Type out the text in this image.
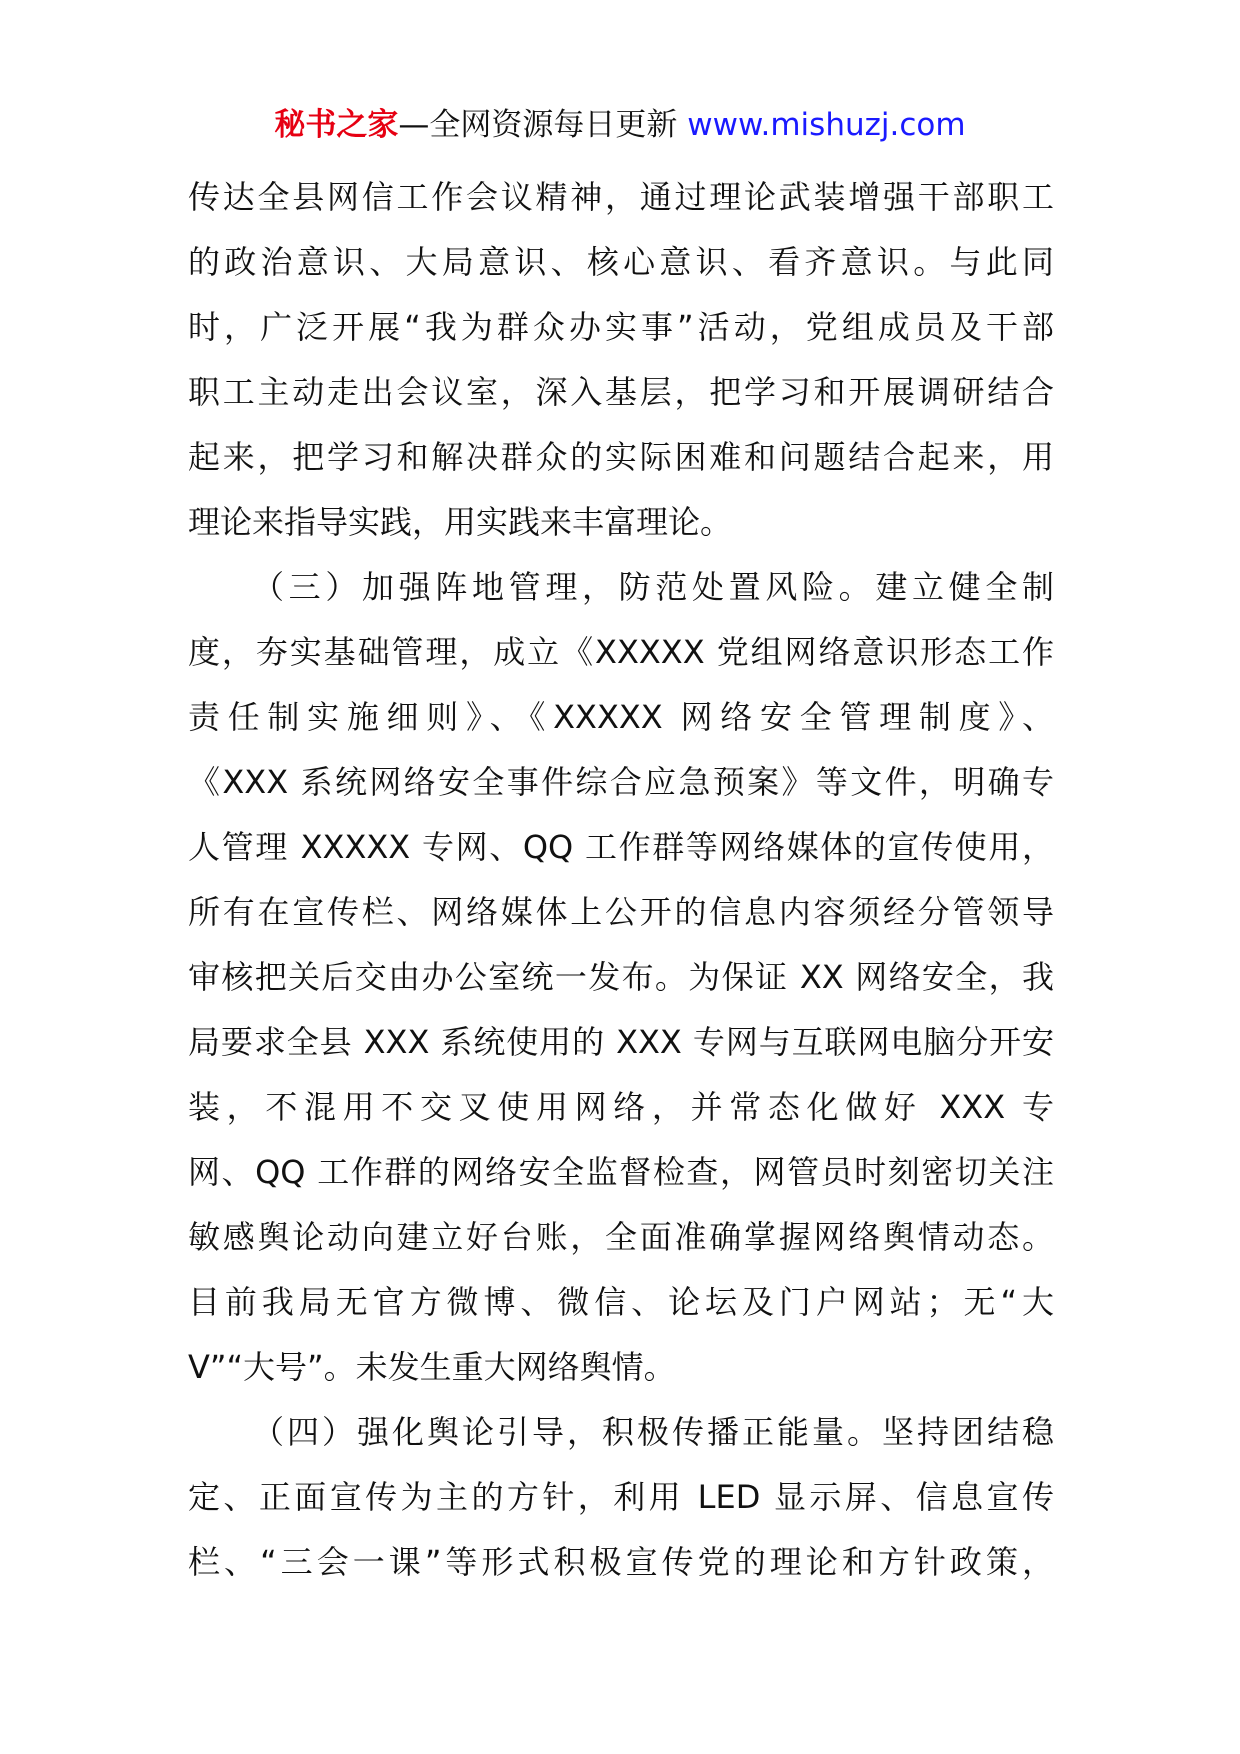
秘书之家—全网资源每日更新 www.mishuzj.com
传达全县网信工作会议精神，通过理论武装增强干部职工
的政治意识、大局意识、核心意识、看齐意识。与此同
时，广泛开展“我为群众办实事”活动，党组成员及干部
职工主动走出会议室，深入基层，把学习和开展调研结合
起来，把学习和解决群众的实际困难和问题结合起来，用
理论来指导实践，用实践来丰富理论。
（三）加强阵地管理，防范处置风险。建立健全制
度，夯实基础管理，成立《XXXXX 党组网络意识形态工作
责任制实施细则》、《XXXXX 网络安全管理制度》、
《XXX 系统网络安全事件综合应急预案》等文件，明确专
人管理 XXXXX 专网、QQ 工作群等网络媒体的宣传使用，
所有在宣传栏、网络媒体上公开的信息内容须经分管领导
审核把关后交由办公室统一发布。为保证 XX 网络安全，我
局要求全县 XXX 系统使用的 XXX 专网与互联网电脑分开安
装，不混用不交叉使用网络，并常态化做好 XXX 专
网、QQ 工作群的网络安全监督检查，网管员时刻密切关注
敏感舆论动向建立好台账，全面准确掌握网络舆情动态。
目前我局无官方微博、微信、论坛及门户网站；无“大
V”“大号”。未发生重大网络舆情。
（四）强化舆论引导，积极传播正能量。坚持团结稳
定、正面宣传为主的方针，利用 LED 显示屏、信息宣传
栏、“三会一课”等形式积极宣传党的理论和方针政策，
